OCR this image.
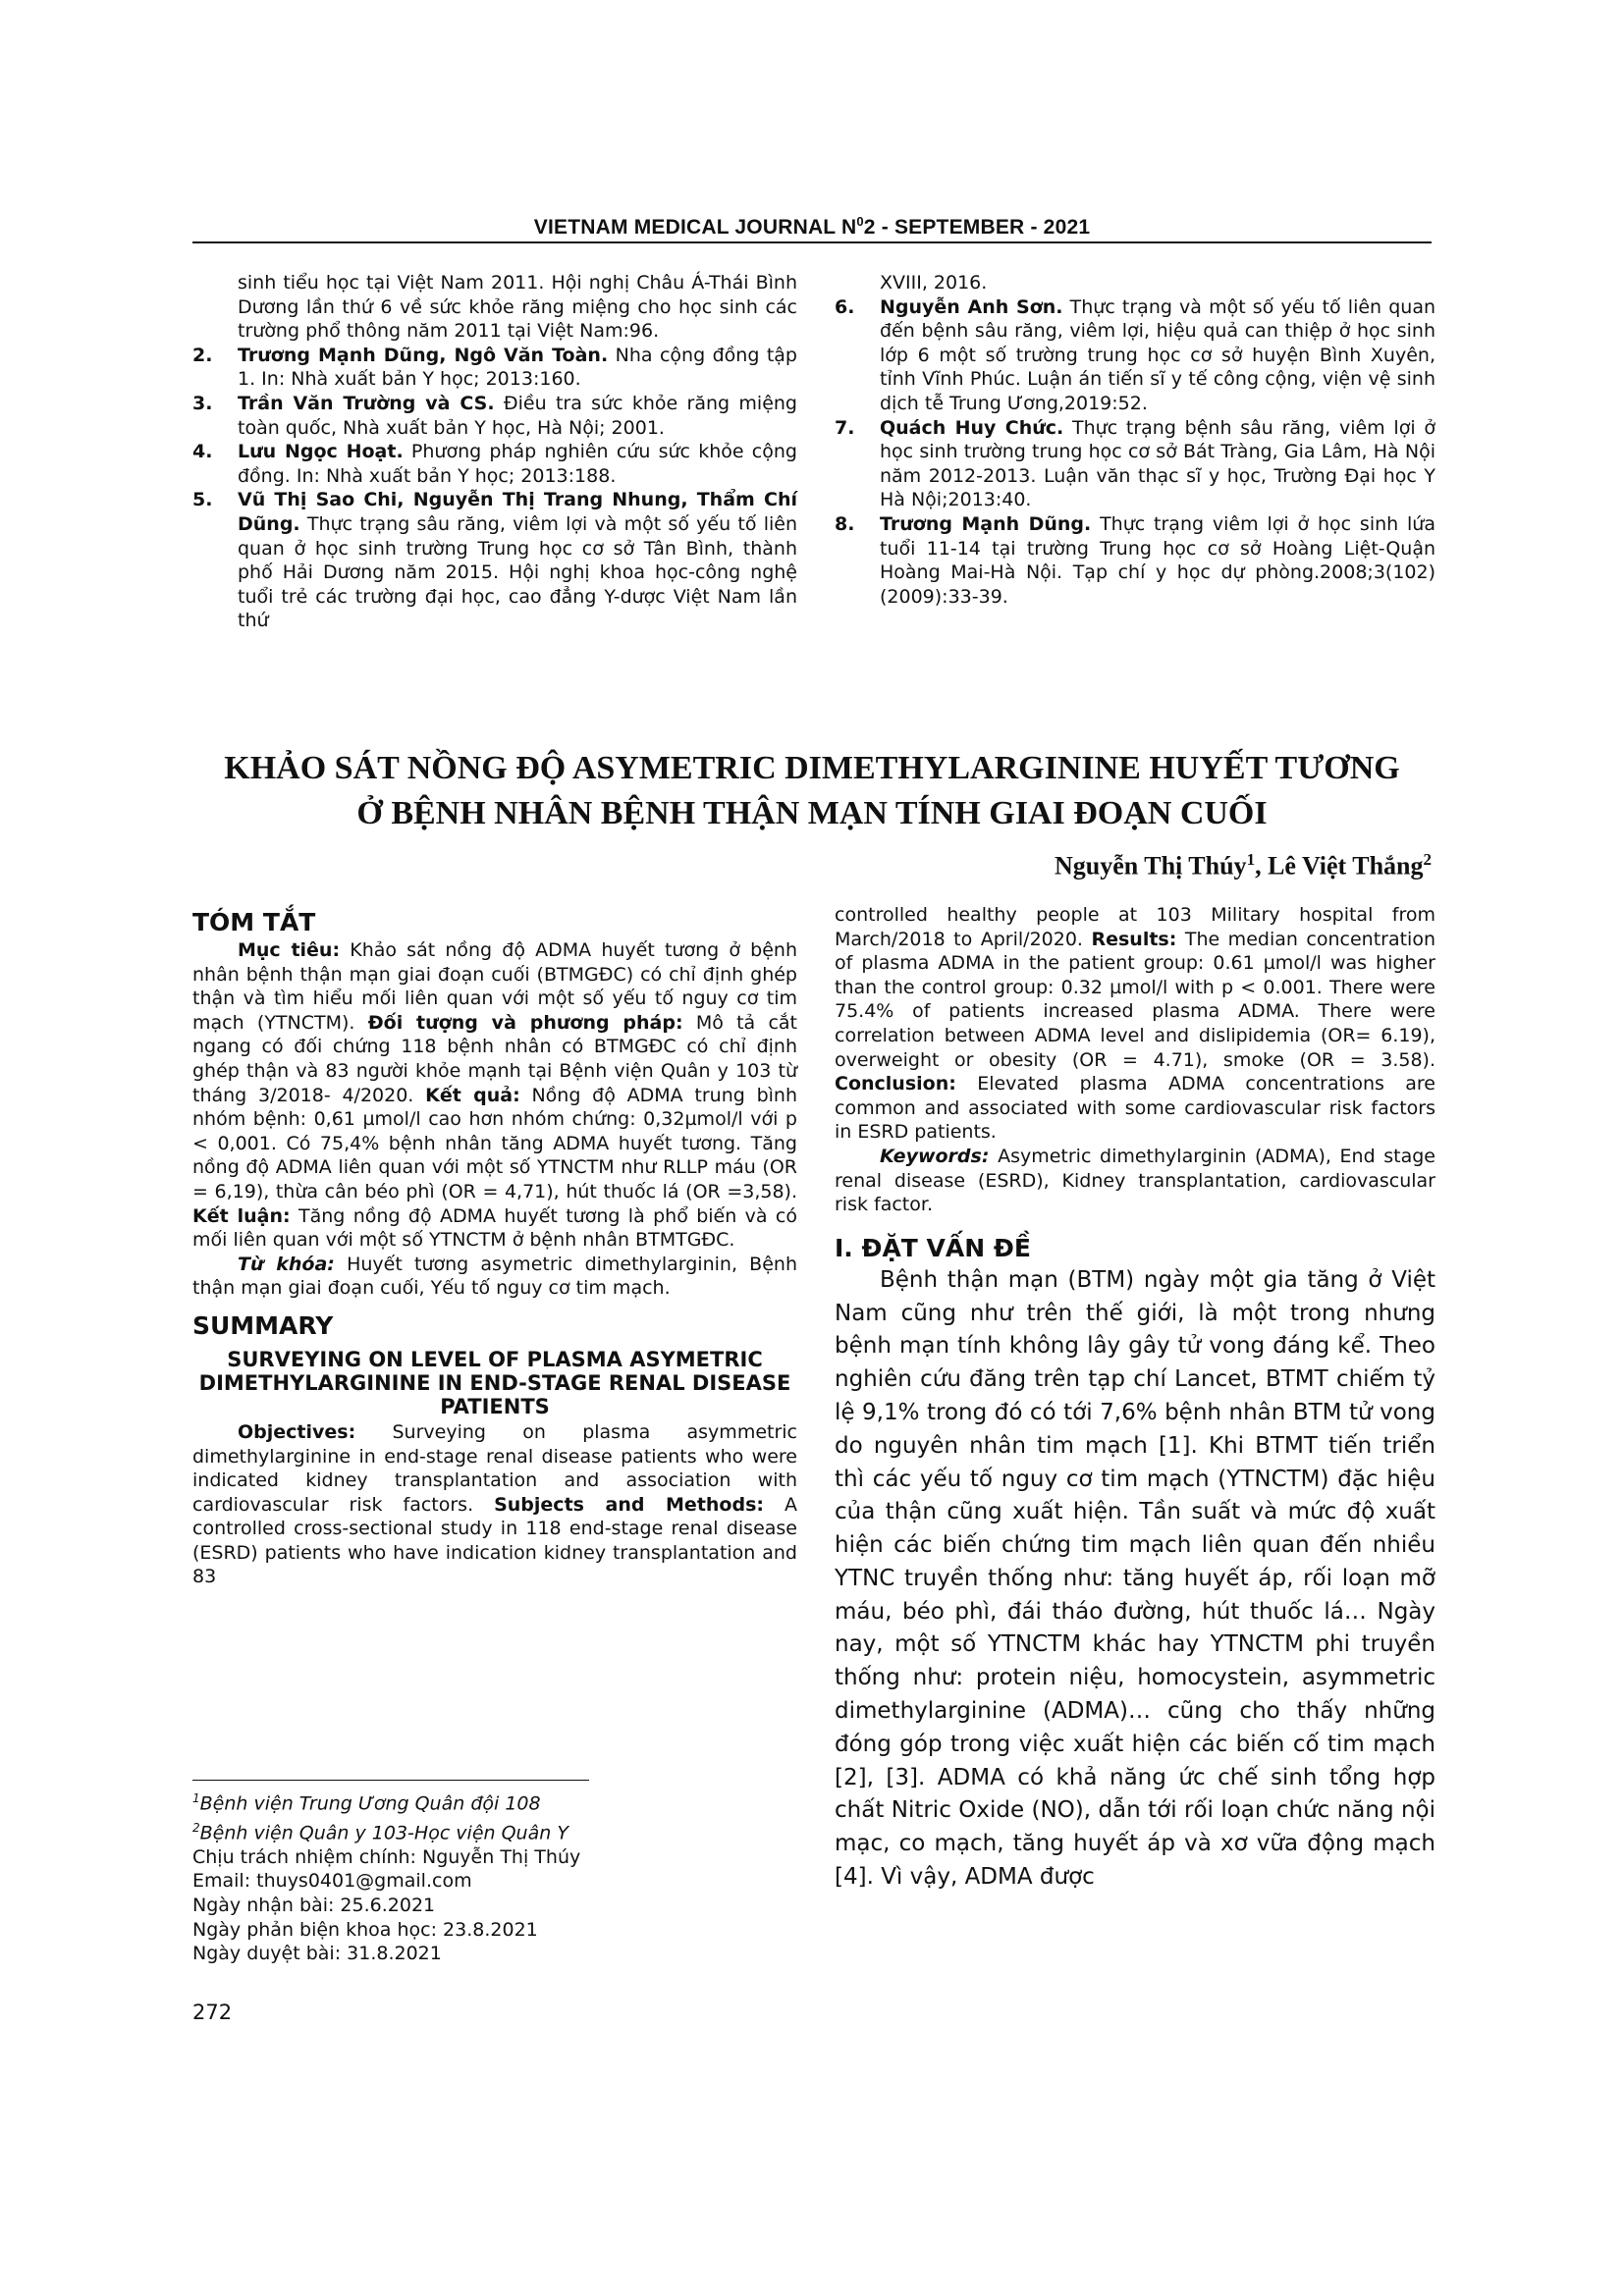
VIETNAM MEDICAL JOURNAL $N^02$ - SEPTEMBER - 2021

sinh tiểu học tại Việt Nam 2011. Hội nghị Châu Á-Thái Bình Dương lần thứ 6 về sức khỏe răng miệng cho học sinh các trường phổ thông năm 2011 tại Việt Nam:96.

2. Trương Mạnh Dũng, Ngô Văn Toàn. Nha cộng đồng tập 1. In: Nhà xuất bản Y học; 2013:160.

3. Trần Văn Trường và CS. Điều tra sức khỏe răng miệng toàn quốc, Nhà xuất bản Y học, Hà Nội; 2001.

4. Lưu Ngọc Hoạt. Phương pháp nghiên cứu sức khỏe cộng đồng. In: Nhà xuất bản Y học; 2013:188.

5. Vũ Thị Sao Chi, Nguyễn Thị Trang Nhung, Thẩm Chí Dũng. Thực trạng sâu răng, viêm lợi và một số yếu tố liên quan ở học sinh trường Trung học cơ sở Tân Bình, thành phố Hải Dương năm 2015. Hội nghị khoa học-công nghệ tuổi trẻ các trường đại học, cao đẳng Y-dược Việt Nam lần thứ

XVIII, 2016.

6. Nguyễn Anh Sơn. Thực trạng và một số yếu tố liên quan đến bệnh sâu răng, viêm lợi, hiệu quả can thiệp ở học sinh lớp 6 một số trường trung học cơ sở huyện Bình Xuyên, tỉnh Vĩnh Phúc. Luận án tiến sĩ y tế công cộng, viện vệ sinh dịch tễ Trung Ương,2019:52.

7. Quách Huy Chức. Thực trạng bệnh sâu răng, viêm lợi ở học sinh trường trung học cơ sở Bát Tràng, Gia Lâm, Hà Nội năm 2012-2013. Luận văn thạc sĩ y học, Trường Đại học Y Hà Nội;2013:40.

8. Trương Mạnh Dũng. Thực trạng viêm lợi ở học sinh lứa tuổi 11-14 tại trường Trung học cơ sở Hoàng Liệt-Quận Hoàng Mai-Hà Nội. Tạp chí y học dự phòng.2008;3(102)(2009):33-39.

KHẢO SÁT NỒNG ĐỘ ASYMETRIC DIMETHYLARGININE HUYẾT TƯƠNG
Ở BỆNH NHÂN BỆNH THẬN MẠN TÍNH GIAI ĐOẠN CUỐI
Nguyễn Thị Thúy$^1$, Lê Việt Thắng$^2$
TÓM TẮT

Mục tiêu: Khảo sát nồng độ ADMA huyết tương ở bệnh nhân bệnh thận mạn giai đoạn cuối (BTMGĐC) có chỉ định ghép thận và tìm hiểu mối liên quan với một số yếu tố nguy cơ tim mạch (YTNCTM). Đối tượng và phương pháp: Mô tả cắt ngang có đối chứng 118 bệnh nhân có BTMGĐC có chỉ định ghép thận và 83 người khỏe mạnh tại Bệnh viện Quân y 103 từ tháng 3/2018- 4/2020. Kết quả: Nồng độ ADMA trung bình nhóm bệnh: 0,61 µmol/l cao hơn nhóm chứng: 0,32µmol/l với p < 0,001. Có 75,4% bệnh nhân tăng ADMA huyết tương. Tăng nồng độ ADMA liên quan với một số YTNCTM như RLLP máu (OR = 6,19), thừa cân béo phì (OR = 4,71), hút thuốc lá (OR =3,58). Kết luận: Tăng nồng độ ADMA huyết tương là phổ biến và có mối liên quan với một số YTNCTM ở bệnh nhân BTMTGĐC.

Từ khóa: Huyết tương asymetric dimethylarginin, Bệnh thận mạn giai đoạn cuối, Yếu tố nguy cơ tim mạch.

SUMMARY
SURVEYING ON LEVEL OF PLASMA ASYMETRIC DIMETHYLARGININE IN END-STAGE RENAL DISEASE PATIENTS

Objectives: Surveying on plasma asymmetric dimethylarginine in end-stage renal disease patients who were indicated kidney transplantation and association with cardiovascular risk factors. Subjects and Methods: A controlled cross-sectional study in 118 end-stage renal disease (ESRD) patients who have indication kidney transplantation and 83

controlled healthy people at 103 Military hospital from March/2018 to April/2020. Results: The median concentration of plasma ADMA in the patient group: 0.61 µmol/l was higher than the control group: 0.32 µmol/l with p < 0.001. There were 75.4% of patients increased plasma ADMA. There were correlation between ADMA level and dislipidemia (OR= 6.19), overweight or obesity (OR = 4.71), smoke (OR = 3.58). Conclusion: Elevated plasma ADMA concentrations are common and associated with some cardiovascular risk factors in ESRD patients.

Keywords: Asymetric dimethylarginin (ADMA), End stage renal disease (ESRD), Kidney transplantation, cardiovascular risk factor.

I. ĐẶT VẤN ĐỀ

Bệnh thận mạn (BTM) ngày một gia tăng ở Việt Nam cũng như trên thế giới, là một trong nhưng bệnh mạn tính không lây gây tử vong đáng kể. Theo nghiên cứu đăng trên tạp chí Lancet, BTMT chiếm tỷ lệ 9,1% trong đó có tới 7,6% bệnh nhân BTM tử vong do nguyên nhân tim mạch [1]. Khi BTMT tiến triển thì các yếu tố nguy cơ tim mạch (YTNCTM) đặc hiệu của thận cũng xuất hiện. Tần suất và mức độ xuất hiện các biến chứng tim mạch liên quan đến nhiều YTNC truyền thống như: tăng huyết áp, rối loạn mỡ máu, béo phì, đái tháo đường, hút thuốc lá… Ngày nay, một số YTNCTM khác hay YTNCTM phi truyền thống như: protein niệu, homocystein, asymmetric dimethylarginine (ADMA)… cũng cho thấy những đóng góp trong việc xuất hiện các biến cố tim mạch [2], [3]. ADMA có khả năng ức chế sinh tổng hợp chất Nitric Oxide (NO), dẫn tới rối loạn chức năng nội mạc, co mạch, tăng huyết áp và xơ vữa động mạch [4]. Vì vậy, ADMA được

$^1$Bệnh viện Trung Ương Quân đội 108
$^2$Bệnh viện Quân y 103-Học viện Quân Y
Chịu trách nhiệm chính: Nguyễn Thị Thúy
Email: thuys0401@gmail.com
Ngày nhận bài: 25.6.2021
Ngày phản biện khoa học: 23.8.2021
Ngày duyệt bài: 31.8.2021
272
